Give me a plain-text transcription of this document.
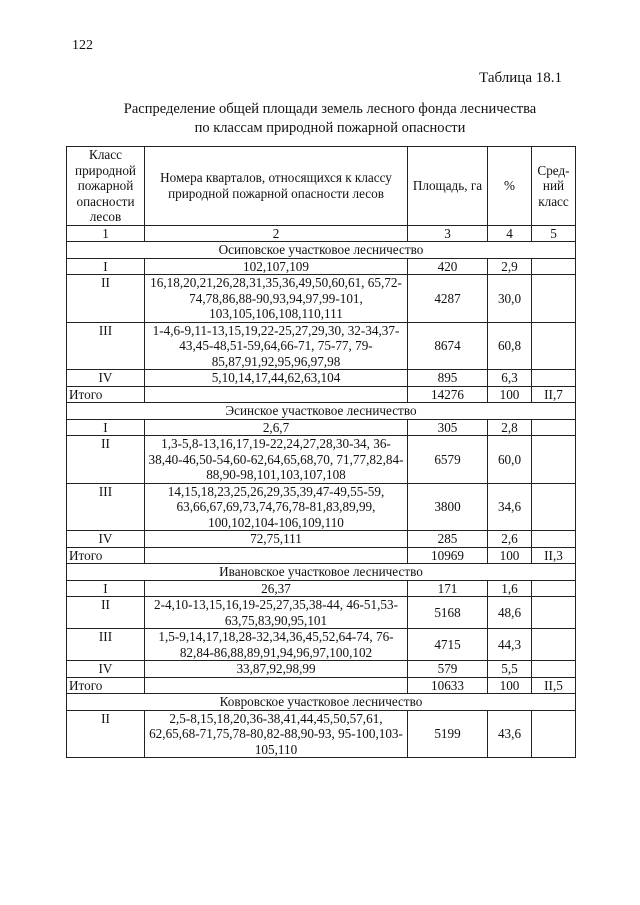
122
Таблица 18.1
Распределение общей площади земель лесного фонда лесничества
по классам природной пожарной опасности
Класс природной пожарной опасности лесов	Номера кварталов, относящихся к классу природной пожарной опасности лесов	Площадь, га	%	Сред-ний класс
1	2	3	4	5
Осиповское участковое лесничество				
I	102,107,109	420	2,9	
II	16,18,20,21,26,28,31,35,36,49,50,60,61, 65,72-74,78,86,88-90,93,94,97,99-101, 103,105,106,108,110,111	4287	30,0	
III	1-4,6-9,11-13,15,19,22-25,27,29,30, 32-34,37-43,45-48,51-59,64,66-71, 75-77, 79-85,87,91,92,95,96,97,98	8674	60,8	
IV	5,10,14,17,44,62,63,104	895	6,3	
Итого		14276	100	II,7
Эсинское участковое лесничество				
I	2,6,7	305	2,8	
II	1,3-5,8-13,16,17,19-22,24,27,28,30-34, 36-38,40-46,50-54,60-62,64,65,68,70, 71,77,82,84-88,90-98,101,103,107,108	6579	60,0	
III	14,15,18,23,25,26,29,35,39,47-49,55-59, 63,66,67,69,73,74,76,78-81,83,89,99, 100,102,104-106,109,110	3800	34,6	
IV	72,75,111	285	2,6	
Итого		10969	100	II,3
Ивановское участковое лесничество				
I	26,37	171	1,6	
II	2-4,10-13,15,16,19-25,27,35,38-44, 46-51,53-63,75,83,90,95,101	5168	48,6	
III	1,5-9,14,17,18,28-32,34,36,45,52,64-74, 76-82,84-86,88,89,91,94,96,97,100,102	4715	44,3	
IV	33,87,92,98,99	579	5,5	
Итого		10633	100	II,5
Ковровское участковое лесничество				
II	2,5-8,15,18,20,36-38,41,44,45,50,57,61, 62,65,68-71,75,78-80,82-88,90-93, 95-100,103-105,110	5199	43,6	
